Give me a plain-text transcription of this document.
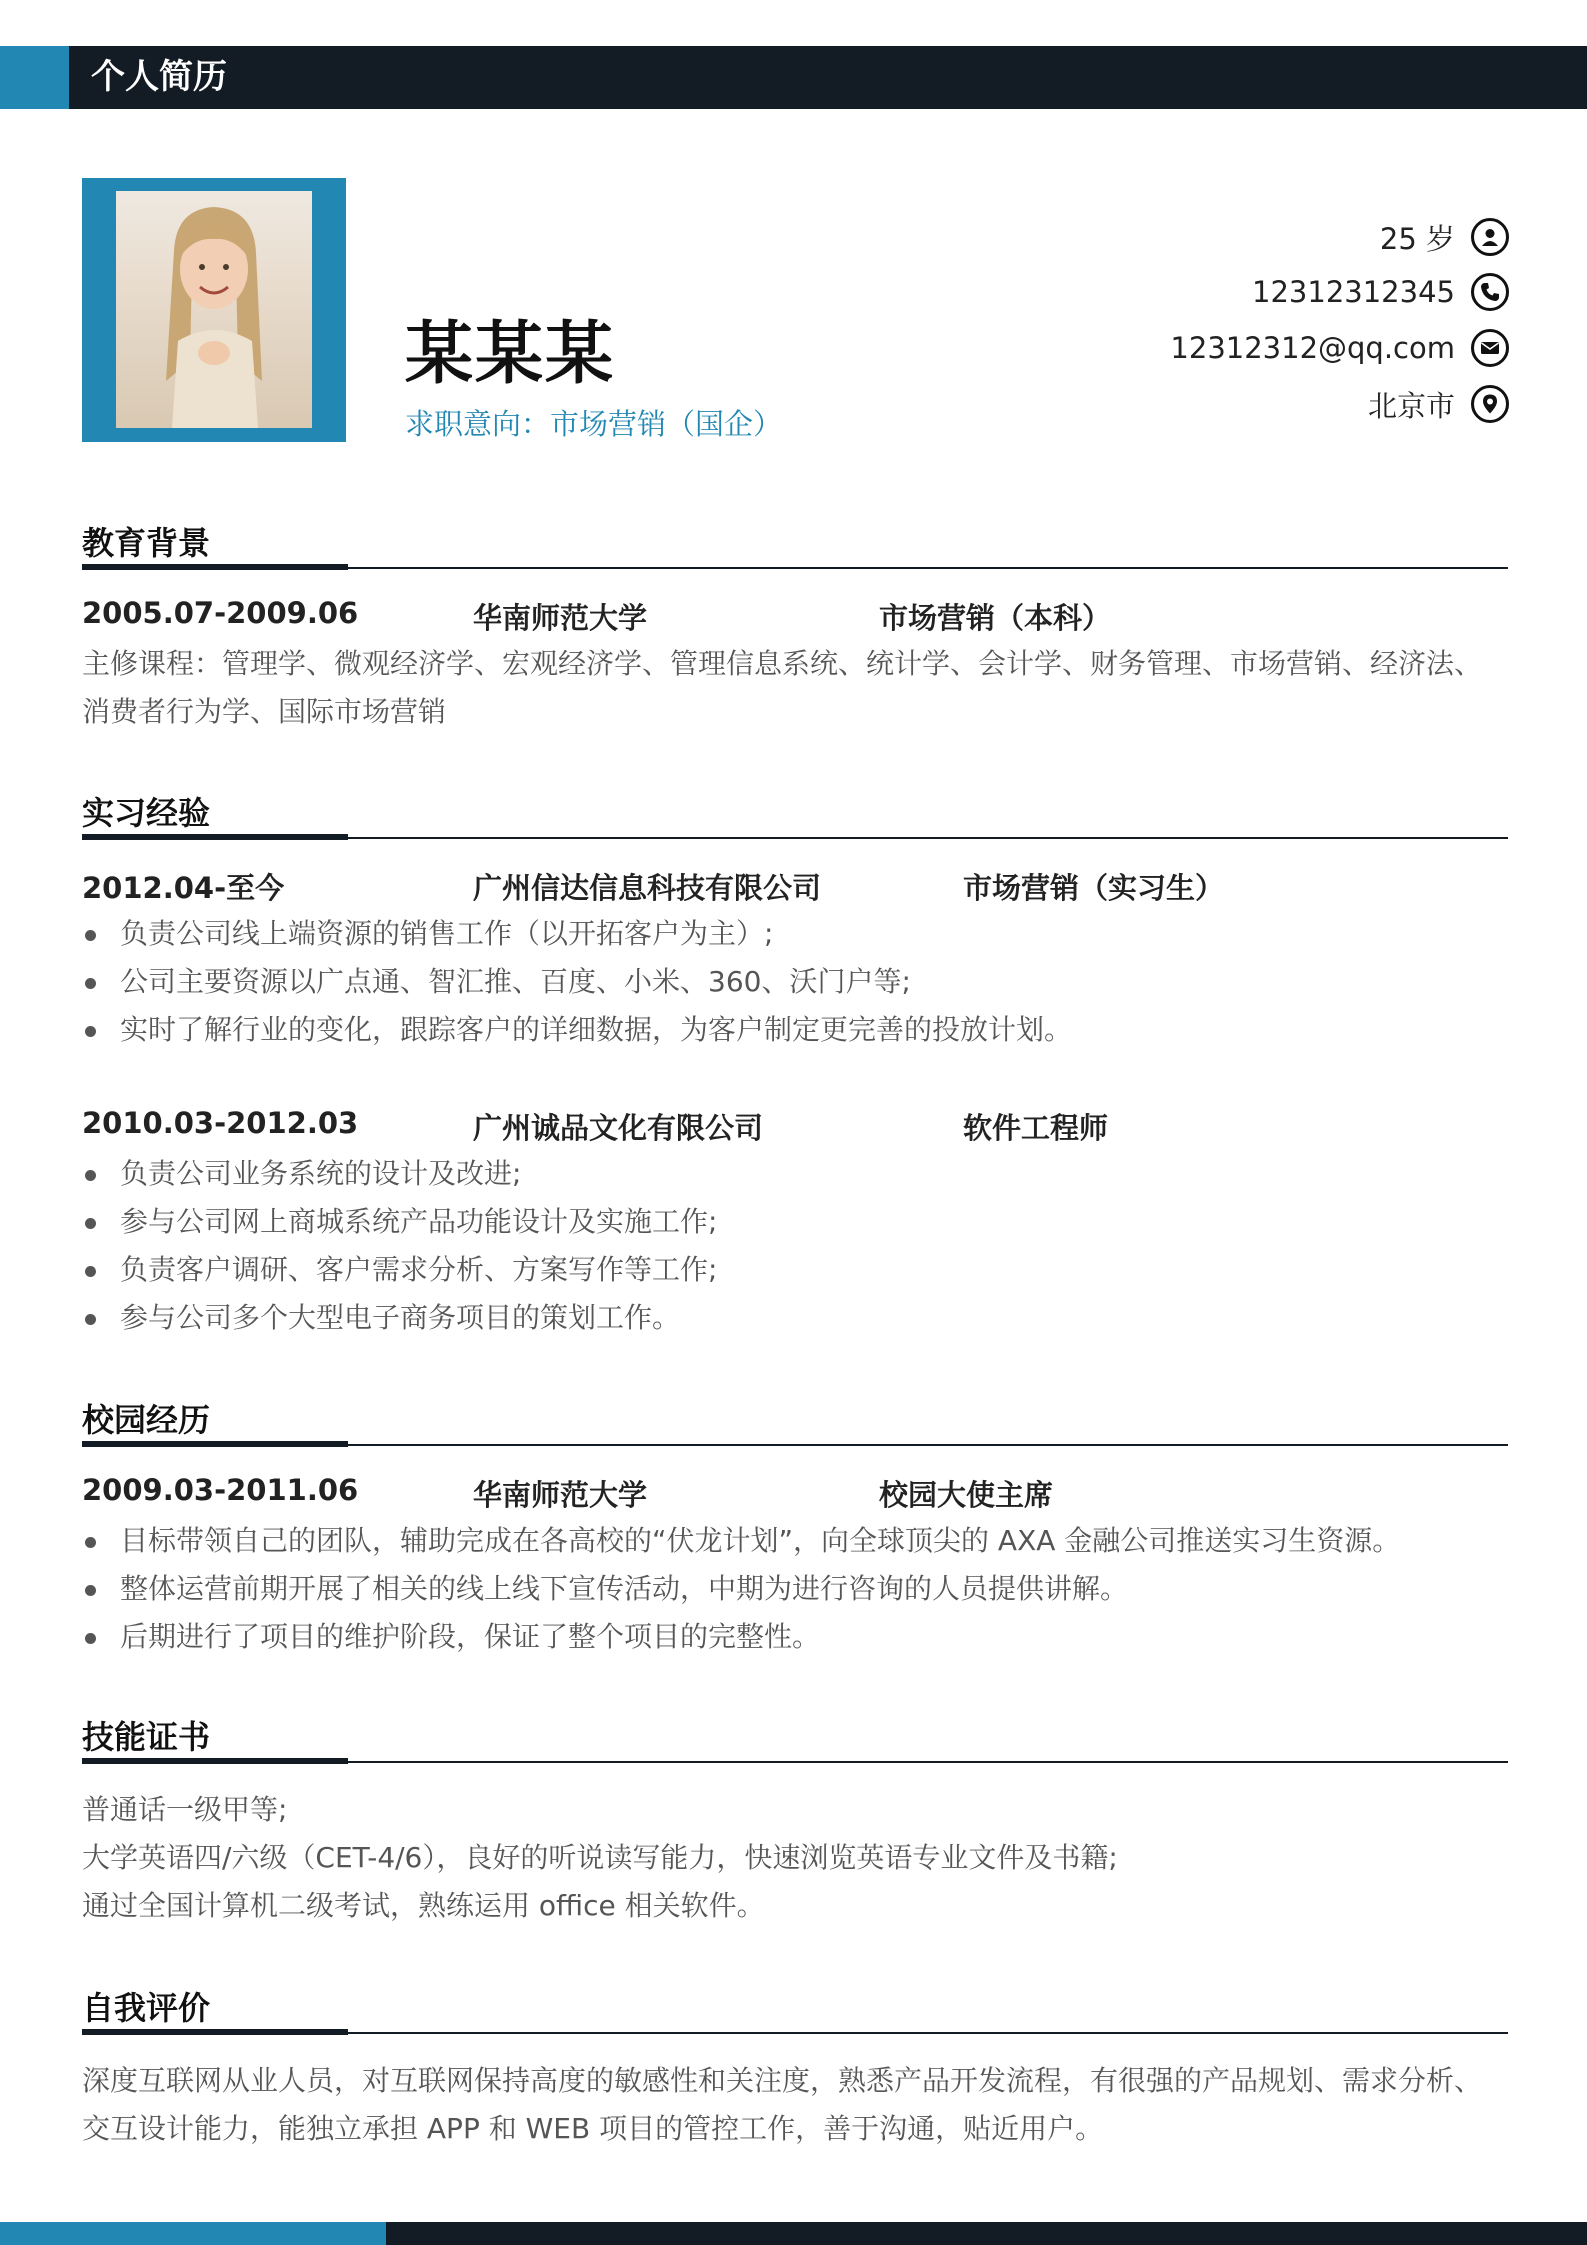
个人简历
某某某
求职意向：市场营销（国企）
25 岁
12312312345
12312312@qq.com
北京市
教育背景
2005.07-2009.06	华南师范大学	市场营销（本科）
主修课程：管理学、微观经济学、宏观经济学、管理信息系统、统计学、会计学、财务管理、市场营销、经济法、消费者行为学、国际市场营销
实习经验
2012.04-至今	广州信达信息科技有限公司	市场营销（实习生）
负责公司线上端资源的销售工作（以开拓客户为主）;
公司主要资源以广点通、智汇推、百度、小米、360、沃门户等;
实时了解行业的变化，跟踪客户的详细数据，为客户制定更完善的投放计划。
2010.03-2012.03	广州诚品文化有限公司	软件工程师
负责公司业务系统的设计及改进;
参与公司网上商城系统产品功能设计及实施工作;
负责客户调研、客户需求分析、方案写作等工作;
参与公司多个大型电子商务项目的策划工作。
校园经历
2009.03-2011.06	华南师范大学	校园大使主席
目标带领自己的团队，辅助完成在各高校的“伏龙计划”，向全球顶尖的 AXA 金融公司推送实习生资源。
整体运营前期开展了相关的线上线下宣传活动，中期为进行咨询的人员提供讲解。
后期进行了项目的维护阶段，保证了整个项目的完整性。
技能证书
普通话一级甲等;
大学英语四/六级（CET-4/6），良好的听说读写能力，快速浏览英语专业文件及书籍;
通过全国计算机二级考试，熟练运用 office 相关软件。
自我评价
深度互联网从业人员，对互联网保持高度的敏感性和关注度，熟悉产品开发流程，有很强的产品规划、需求分析、交互设计能力，能独立承担 APP 和 WEB 项目的管控工作，善于沟通，贴近用户。
